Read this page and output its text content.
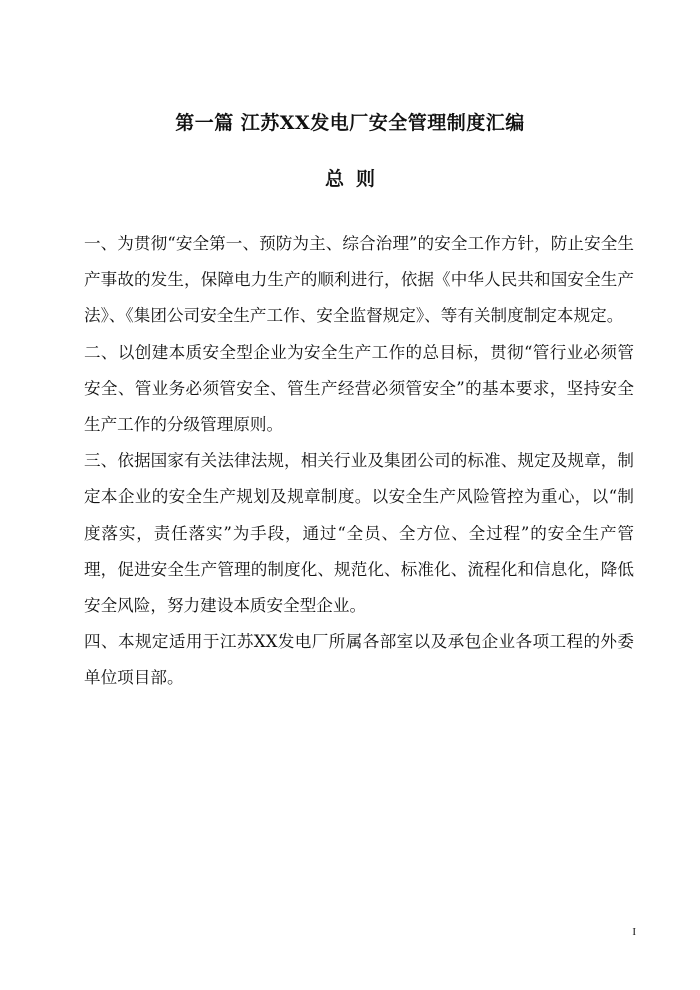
第一篇 江苏XX发电厂安全管理制度汇编
总则

一、为贯彻“安全第一、预防为主、综合治理”的安全工作方针，防止安全生产事故的发生，保障电力生产的顺利进行，依据《中华人民共和国安全生产法》、《集团公司安全生产工作、安全监督规定》、等有关制度制定本规定。

二、以创建本质安全型企业为安全生产工作的总目标，贯彻“管行业必须管安全、管业务必须管安全、管生产经营必须管安全”的基本要求，坚持安全生产工作的分级管理原则。

三、依据国家有关法律法规，相关行业及集团公司的标准、规定及规章，制定本企业的安全生产规划及规章制度。以安全生产风险管控为重心，以“制度落实，责任落实”为手段，通过“全员、全方位、全过程”的安全生产管理，促进安全生产管理的制度化、规范化、标准化、流程化和信息化，降低安全风险，努力建设本质安全型企业。

四、本规定适用于江苏XX发电厂所属各部室以及承包企业各项工程的外委单位项目部。

I
